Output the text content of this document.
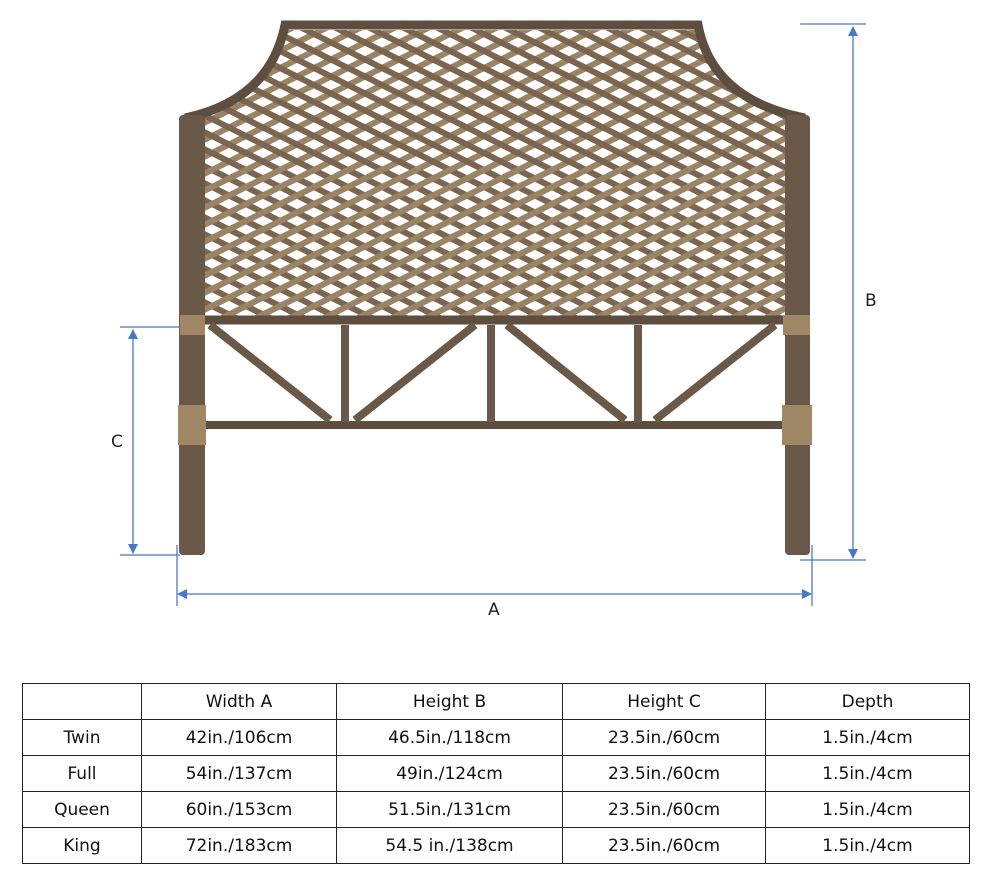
B
C
A
	Width A	Height B	Height C	Depth
Twin	42in./106cm	46.5in./118cm	23.5in./60cm	1.5in./4cm
Full	54in./137cm	49in./124cm	23.5in./60cm	1.5in./4cm
Queen	60in./153cm	51.5in./131cm	23.5in./60cm	1.5in./4cm
King	72in./183cm	54.5 in./138cm	23.5in./60cm	1.5in./4cm
